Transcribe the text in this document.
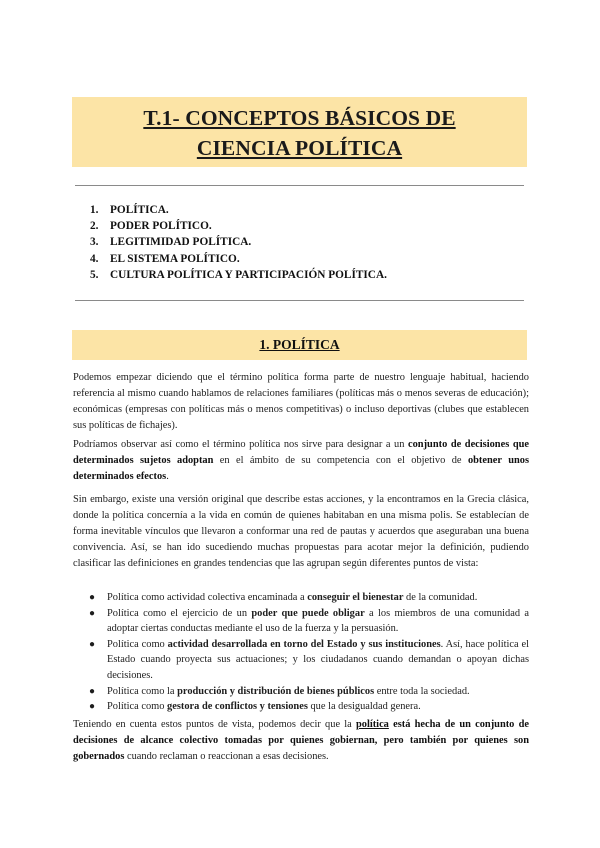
T.1- CONCEPTOS BÁSICOS DE
CIENCIA POLÍTICA
1. POLÍTICA.
2. PODER POLÍTICO.
3. LEGITIMIDAD POLÍTICA.
4. EL SISTEMA POLÍTICO.
5. CULTURA POLÍTICA Y PARTICIPACIÓN POLÍTICA.
1. POLÍTICA

Podemos empezar diciendo que el término política forma parte de nuestro lenguaje habitual, haciendo referencia al mismo cuando hablamos de relaciones familiares (políticas más o menos severas de educación); económicas (empresas con políticas más o menos competitivas) o incluso deportivas (clubes que establecen sus políticas de fichajes).

Podríamos observar así como el término política nos sirve para designar a un conjunto de decisiones que determinados sujetos adoptan en el ámbito de su competencia con el objetivo de obtener unos determinados efectos.

Sin embargo, existe una versión original que describe estas acciones, y la encontramos en la Grecia clásica, donde la política concernía a la vida en común de quienes habitaban en una misma polis. Se establecían de forma inevitable vínculos que llevaron a conformar una red de pautas y acuerdos que aseguraban una buena convivencia. Así, se han ido sucediendo muchas propuestas para acotar mejor la definición, pudiendo clasificar las definiciones en grandes tendencias que las agrupan según diferentes puntos de vista:

● Política como actividad colectiva encaminada a conseguir el bienestar de la comunidad.
● Política como el ejercicio de un poder que puede obligar a los miembros de una comunidad a adoptar ciertas conductas mediante el uso de la fuerza y la persuasión.
● Política como actividad desarrollada en torno del Estado y sus instituciones. Así, hace política el Estado cuando proyecta sus actuaciones; y los ciudadanos cuando demandan o apoyan dichas decisiones.
● Política como la producción y distribución de bienes públicos entre toda la sociedad.
● Política como gestora de conflictos y tensiones que la desigualdad genera.

Teniendo en cuenta estos puntos de vista, podemos decir que la política está hecha de un conjunto de decisiones de alcance colectivo tomadas por quienes gobiernan, pero también por quienes son gobernados cuando reclaman o reaccionan a esas decisiones.
